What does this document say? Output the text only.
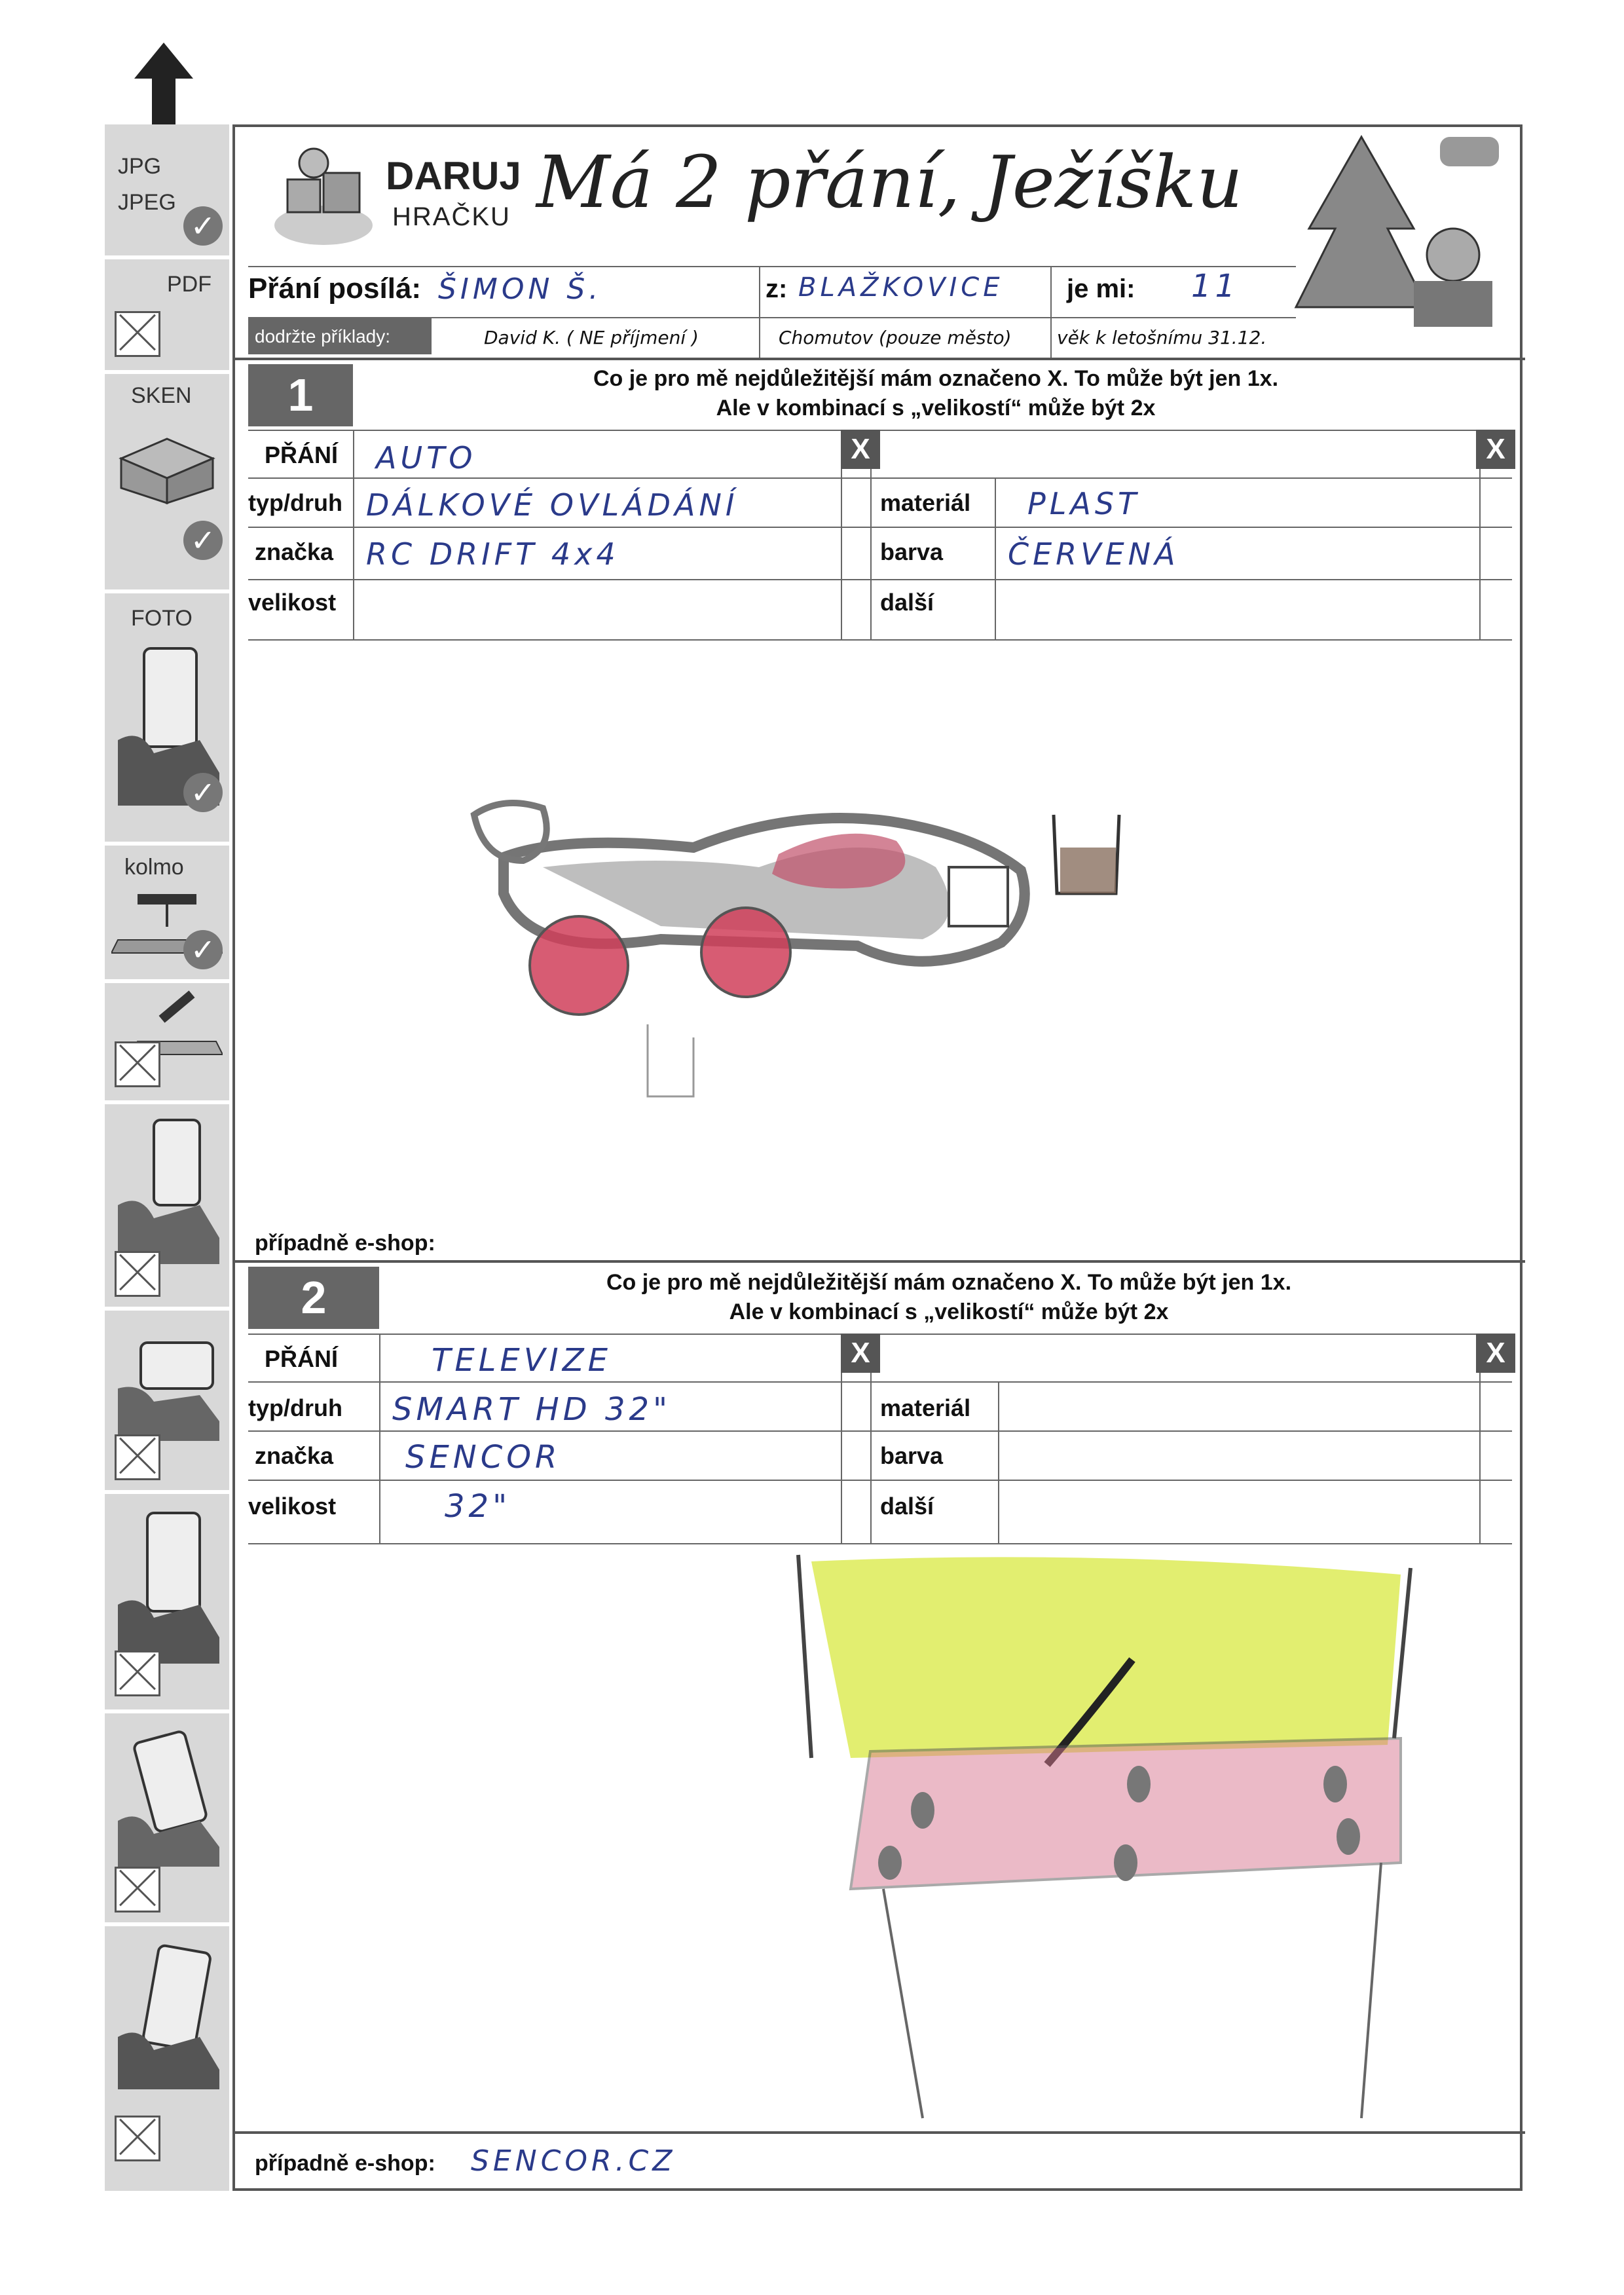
JPG
JPEG
✓
PDF
SKEN
✓
FOTO
✓
kolmo
✓
DARUJ
HRAČKU Má 2 přání, Ježíšku
Přání posílá: ŠIMON Š.	z: BLAŽKOVICE je mi: 11
dodržte příklady:	David K. ( NE příjmení )	Chomutov (pouze město) věk k letošnímu 31.12.
1	Co je pro mě nejdůležitější mám označeno X. To může být jen 1x.
Ale v kombinací s „velikostí“ může být 2x
X	X
PŘÁNÍ AUTO
typ/druh DÁLKOVÉ OVLÁDÁNÍ	materiál PLAST
značka RC DRIFT 4x4	barva ČERVENÁ
velikost	další
případně e-shop:
2	Co je pro mě nejdůležitější mám označeno X. To může být jen 1x.
Ale v kombinací s „velikostí“ může být 2x
X	X
PŘÁNÍ	TELEVIZE
typ/druh SMART HD 32"	materiál
značka SENCOR	barva
velikost	32"	další
případně e-shop: SENCOR.CZ
